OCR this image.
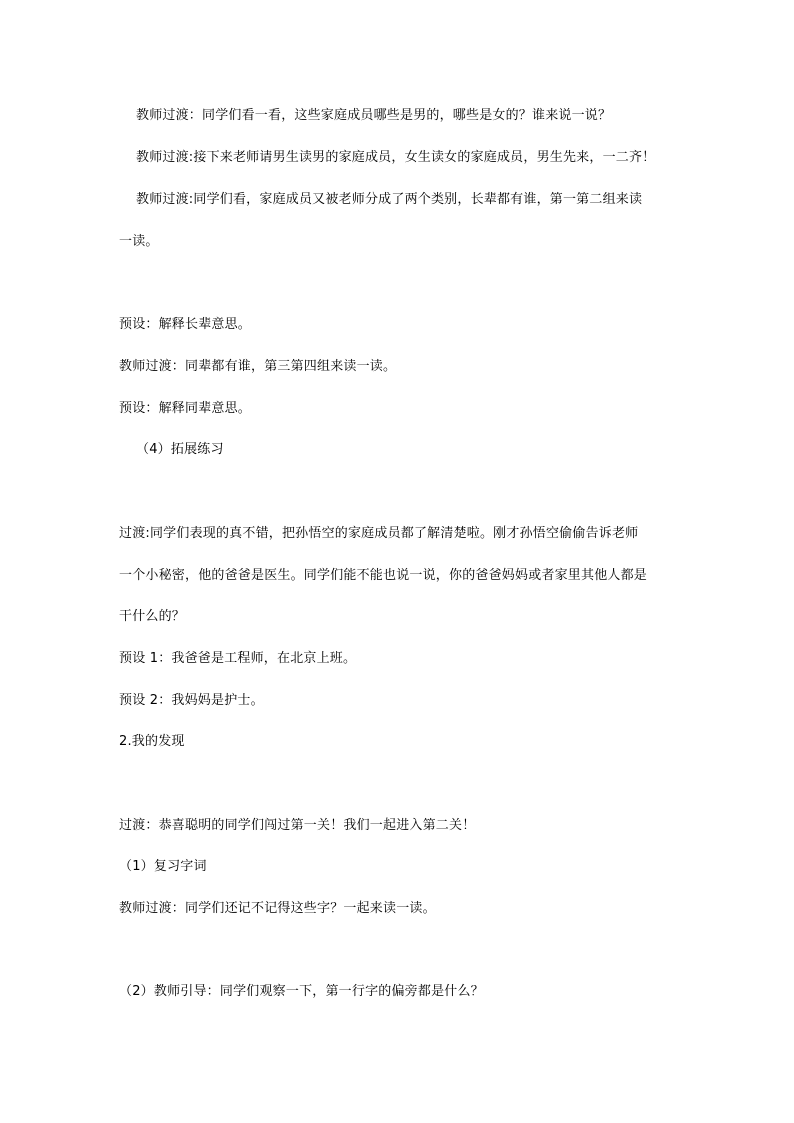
教师过渡：同学们看一看，这些家庭成员哪些是男的，哪些是女的？谁来说一说？
教师过渡:接下来老师请男生读男的家庭成员，女生读女的家庭成员，男生先来，一二齐！
教师过渡:同学们看，家庭成员又被老师分成了两个类别，长辈都有谁，第一第二组来读
一读。
预设：解释长辈意思。
教师过渡：同辈都有谁，第三第四组来读一读。
预设：解释同辈意思。
（4）拓展练习
过渡:同学们表现的真不错，把孙悟空的家庭成员都了解清楚啦。刚才孙悟空偷偷告诉老师
一个小秘密，他的爸爸是医生。同学们能不能也说一说，你的爸爸妈妈或者家里其他人都是
干什么的？
预设 1：我爸爸是工程师，在北京上班。
预设 2：我妈妈是护士。
2.我的发现
过渡：恭喜聪明的同学们闯过第一关！我们一起进入第二关！
（1）复习字词
教师过渡：同学们还记不记得这些字？一起来读一读。
（2）教师引导：同学们观察一下，第一行字的偏旁都是什么？
